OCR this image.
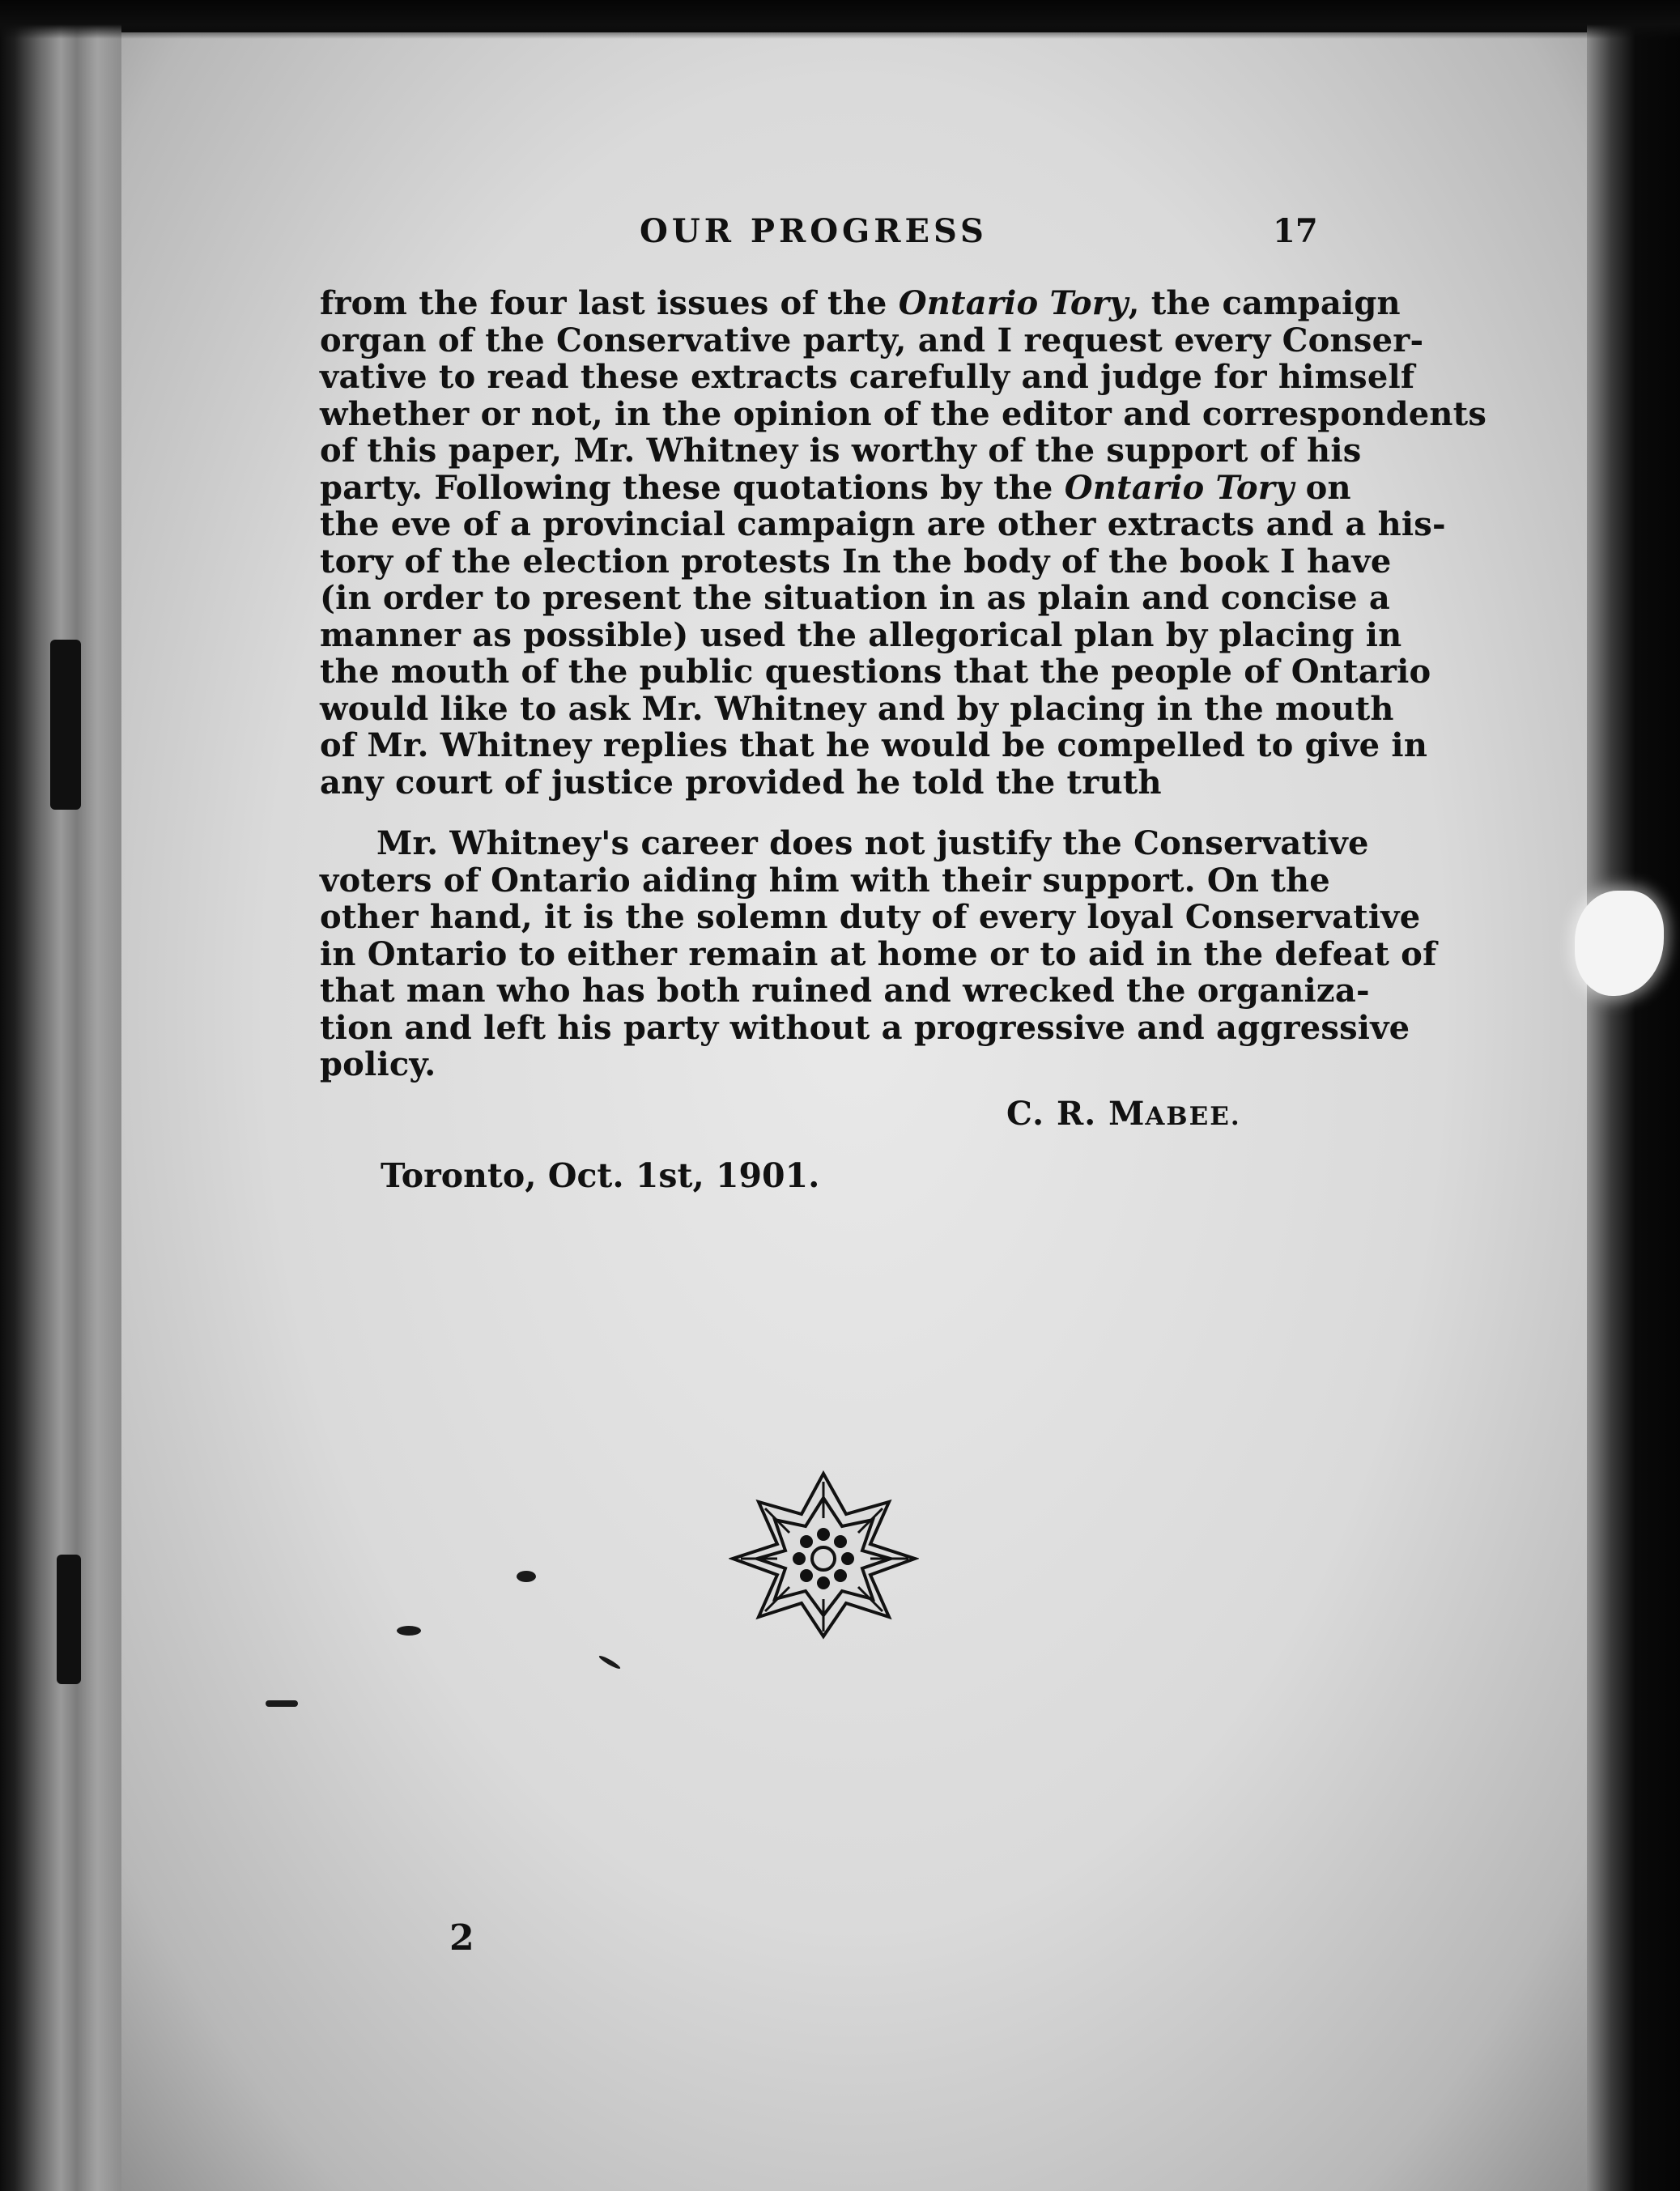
OUR PROGRESS	17
from the four last issues of the Ontario Tory, the campaign
organ of the Conservative party, and I request every Conser-
vative to read these extracts carefully and judge for himself
whether or not, in the opinion of the editor and correspondents
of this paper, Mr. Whitney is worthy of the support of his
party. Following these quotations by the Ontario Tory on
the eve of a provincial campaign are other extracts and a his-
tory of the election protests In the body of the book I have
(in order to present the situation in as plain and concise a
manner as possible) used the allegorical plan by placing in
the mouth of the public questions that the people of Ontario
would like to ask Mr. Whitney and by placing in the mouth
of Mr. Whitney replies that he would be compelled to give in
any court of justice provided he told the truth
Mr. Whitney's career does not justify the Conservative
voters of Ontario aiding him with their support. On the
other hand, it is the solemn duty of every loyal Conservative
in Ontario to either remain at home or to aid in the defeat of
that man who has both ruined and wrecked the organiza-
tion and left his party without a progressive and aggressive
policy.
C. R. MABEE.
Toronto, Oct. 1st, 1901.
2
